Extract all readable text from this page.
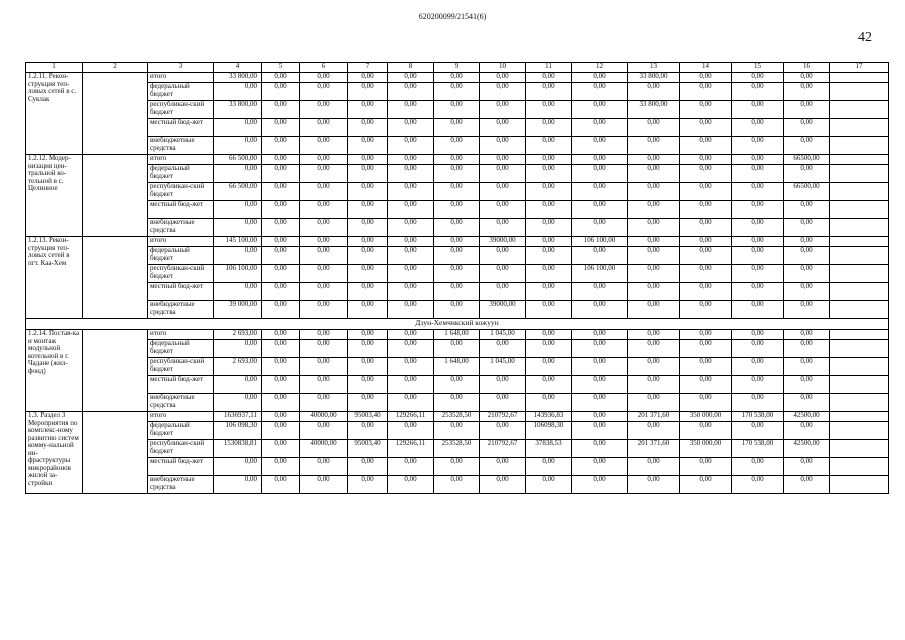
620200099/21541(6)
42
1	2	3	4	5	6	7	8	9	10	11	12	13	14	15	16	17
1.2.11. Рекон-струкция теп-ловых сетей в с. Суклак		итого	33 800,00	0,00	0,00	0,00	0,00	0,00	0,00	0,00	0,00	33 800,00	0,00	0,00	0,00	
		федеральный бюджет	0,00	0,00	0,00	0,00	0,00	0,00	0,00	0,00	0,00	0,00	0,00	0,00	0,00	
		республикан-ский бюджет	33 800,00	0,00	0,00	0,00	0,00	0,00	0,00	0,00	0,00	33 800,00	0,00	0,00	0,00	
		местный бюд-жет	0,00	0,00	0,00	0,00	0,00	0,00	0,00	0,00	0,00	0,00	0,00	0,00	0,00	
		внебюджетные средства	0,00	0,00	0,00	0,00	0,00	0,00	0,00	0,00	0,00	0,00	0,00	0,00	0,00	
1.2.12. Модер-низация цен-тральной ко-тельной в с. Целинное		итого	66 500,00	0,00	0,00	0,00	0,00	0,00	0,00	0,00	0,00	0,00	0,00	0,00	66500,00	
		федеральный бюджет	0,00	0,00	0,00	0,00	0,00	0,00	0,00	0,00	0,00	0,00	0,00	0,00	0,00	
		республикан-ский бюджет	66 500,00	0,00	0,00	0,00	0,00	0,00	0,00	0,00	0,00	0,00	0,00	0,00	66500,00	
		местный бюд-жет	0,00	0,00	0,00	0,00	0,00	0,00	0,00	0,00	0,00	0,00	0,00	0,00	0,00	
		внебюджетные средства	0,00	0,00	0,00	0,00	0,00	0,00	0,00	0,00	0,00	0,00	0,00	0,00	0,00	
1.2.13. Рекон-струкция теп-ловых сетей в пгт. Каа-Хем		итого	145 100,00	0,00	0,00	0,00	0,00	0,00	39000,00	0,00	106 100,00	0,00	0,00	0,00	0,00	
		федеральный бюджет	0,00	0,00	0,00	0,00	0,00	0,00	0,00	0,00	0,00	0,00	0,00	0,00	0,00	
		республикан-ский бюджет	106 100,00	0,00	0,00	0,00	0,00	0,00	0,00	0,00	106 100,00	0,00	0,00	0,00	0,00	
		местный бюд-жет	0,00	0,00	0,00	0,00	0,00	0,00	0,00	0,00	0,00	0,00	0,00	0,00	0,00	
		внебюджетные средства	39 000,00	0,00	0,00	0,00	0,00	0,00	39000,00	0,00	0,00	0,00	0,00	0,00	0,00	
Дзун-Хемчикский кожуун																
1.2.14. Постав-ка и монтаж модульной котельной в г. Чадане (жил-фонд)		итого	2 693,00	0,00	0,00	0,00	0,00	1 648,00	1 045,00	0,00	0,00	0,00	0,00	0,00	0,00	
		федеральный бюджет	0,00	0,00	0,00	0,00	0,00	0,00	0,00	0,00	0,00	0,00	0,00	0,00	0,00	
		республикан-ский бюджет	2 693,00	0,00	0,00	0,00	0,00	1 648,00	1 045,00	0,00	0,00	0,00	0,00	0,00	0,00	
		местный бюд-жет	0,00	0,00	0,00	0,00	0,00	0,00	0,00	0,00	0,00	0,00	0,00	0,00	0,00	
		внебюджетные средства	0,00	0,00	0,00	0,00	0,00	0,00	0,00	0,00	0,00	0,00	0,00	0,00	0,00	
1.3. Раздел 3 Мероприятия по комплекс-ному развитию систем комму-нальной ин-фраструктуры микрорайонов жилой за-стройки		итого	1636937,11	0,00	40000,00	95003,40	129266,11	253528,50	210792,67	143936,83	0,00	201 371,60	350 000,00	170 538,00	42500,00	
		федеральный бюджет	106 098,30	0,00	0,00	0,00	0,00	0,00	0,00	106098,30	0,00	0,00	0,00	0,00	0,00	
		республикан-ский бюджет	1530838,81	0,00	40000,00	95003,40	129266,11	253528,50	210792,67	37838,53	0,00	201 371,60	350 000,00	170 538,00	42500,00	
		местный бюд-жет	0,00	0,00	0,00	0,00	0,00	0,00	0,00	0,00	0,00	0,00	0,00	0,00	0,00	
		внебюджетные средства	0,00	0,00	0,00	0,00	0,00	0,00	0,00	0,00	0,00	0,00	0,00	0,00	0,00	
